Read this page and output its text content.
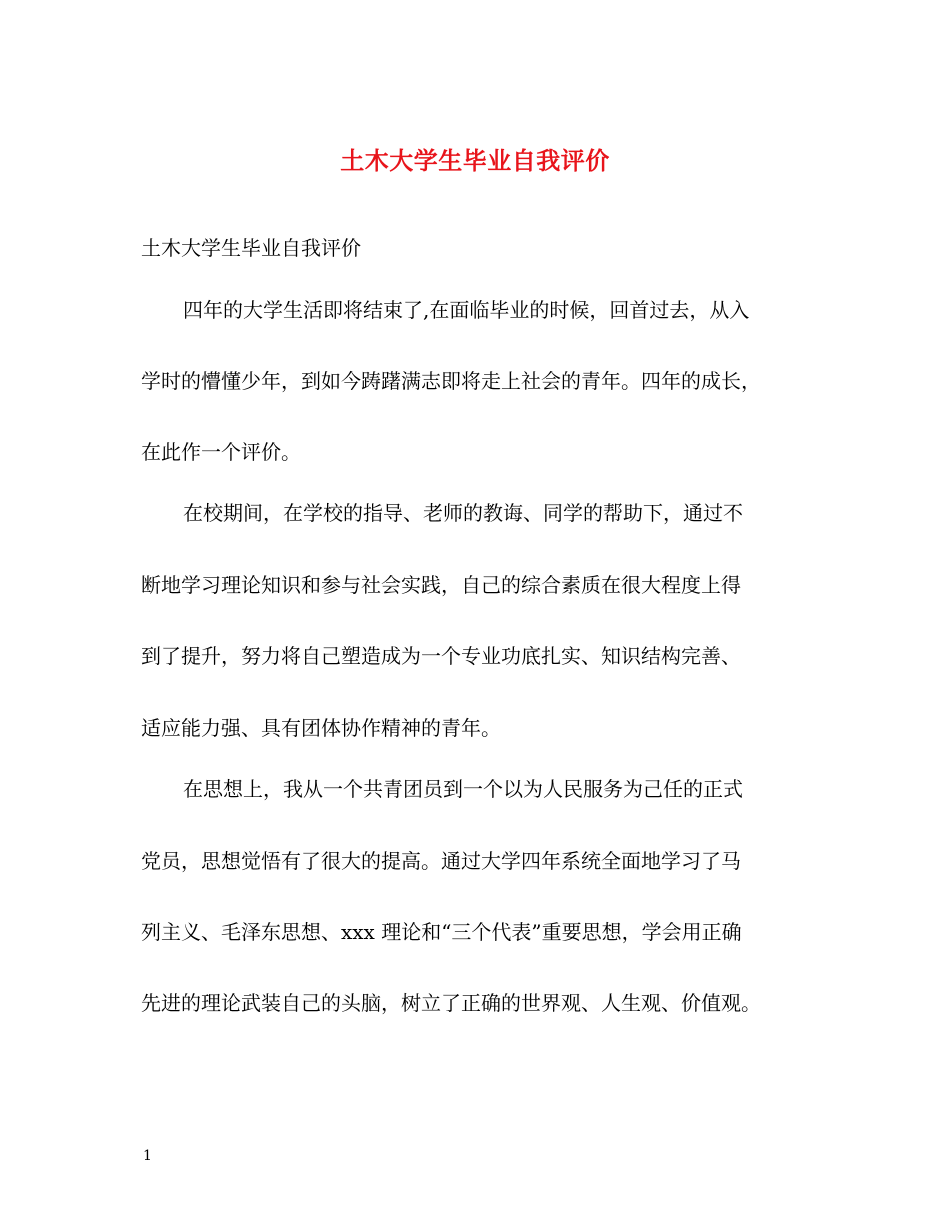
土木大学生毕业自我评价
土木大学生毕业自我评价
四年的大学生活即将结束了,在面临毕业的时候，回首过去，从入
学时的懵懂少年，到如今踌躇满志即将走上社会的青年。四年的成长，
在此作一个评价。
在校期间，在学校的指导、老师的教诲、同学的帮助下，通过不
断地学习理论知识和参与社会实践，自己的综合素质在很大程度上得
到了提升，努力将自己塑造成为一个专业功底扎实、知识结构完善、
适应能力强、具有团体协作精神的青年。
在思想上，我从一个共青团员到一个以为人民服务为己任的正式
党员，思想觉悟有了很大的提高。通过大学四年系统全面地学习了马
列主义、毛泽东思想、xxx 理论和“三个代表”重要思想，学会用正确
先进的理论武装自己的头脑，树立了正确的世界观、人生观、价值观。
1
